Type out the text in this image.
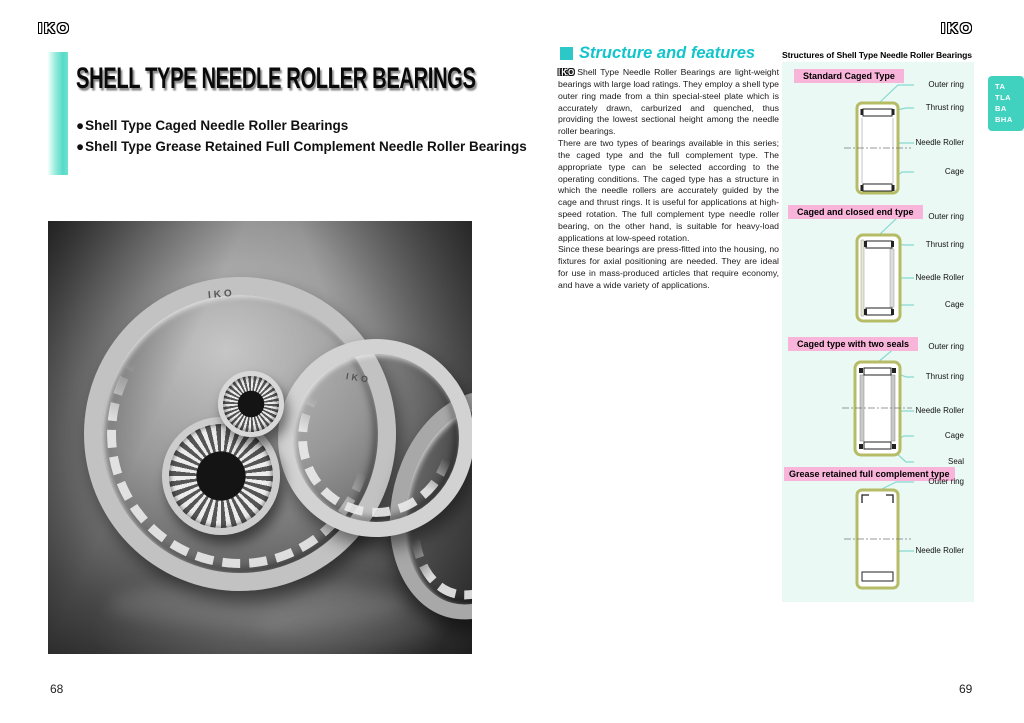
IKO
SHELL TYPE NEEDLE ROLLER BEARINGS
●Shell Type Caged Needle Roller Bearings
●Shell Type Grease Retained Full Complement Needle Roller Bearings
IKO
IKO
68
IKO
Structure and features

IKO Shell Type Needle Roller Bearings are light-weight bearings with large load ratings. They employ a shell type outer ring made from a thin special-steel plate which is accurately drawn, carburized and quenched, thus providing the lowest sectional height among the needle roller bearings.

There are two types of bearings available in this series; the caged type and the full complement type. The appropriate type can be selected according to the operating conditions. The caged type has a structure in which the needle rollers are accurately guided by the cage and thrust rings. It is useful for applications at high-speed rotation. The full complement type needle roller bearing, on the other hand, is suitable for heavy-load applications at low-speed rotation.

Since these bearings are press-fitted into the housing, no fixtures for axial positioning are needed. They are ideal for use in mass-produced articles that require economy, and have a wide variety of applications.

Structures of Shell Type Needle Roller Bearings
Standard Caged Type
Outer ring
Thrust ring
Needle Roller
Cage
Caged and closed end type	Outer ring
Thrust ring
Needle Roller
Cage
Caged type with two seals	Outer ring
Thrust ring
Needle Roller
Cage
Seal
Grease retained full complement type
Outer ring
Needle Roller
TA
TLA
BA
BHA
69
